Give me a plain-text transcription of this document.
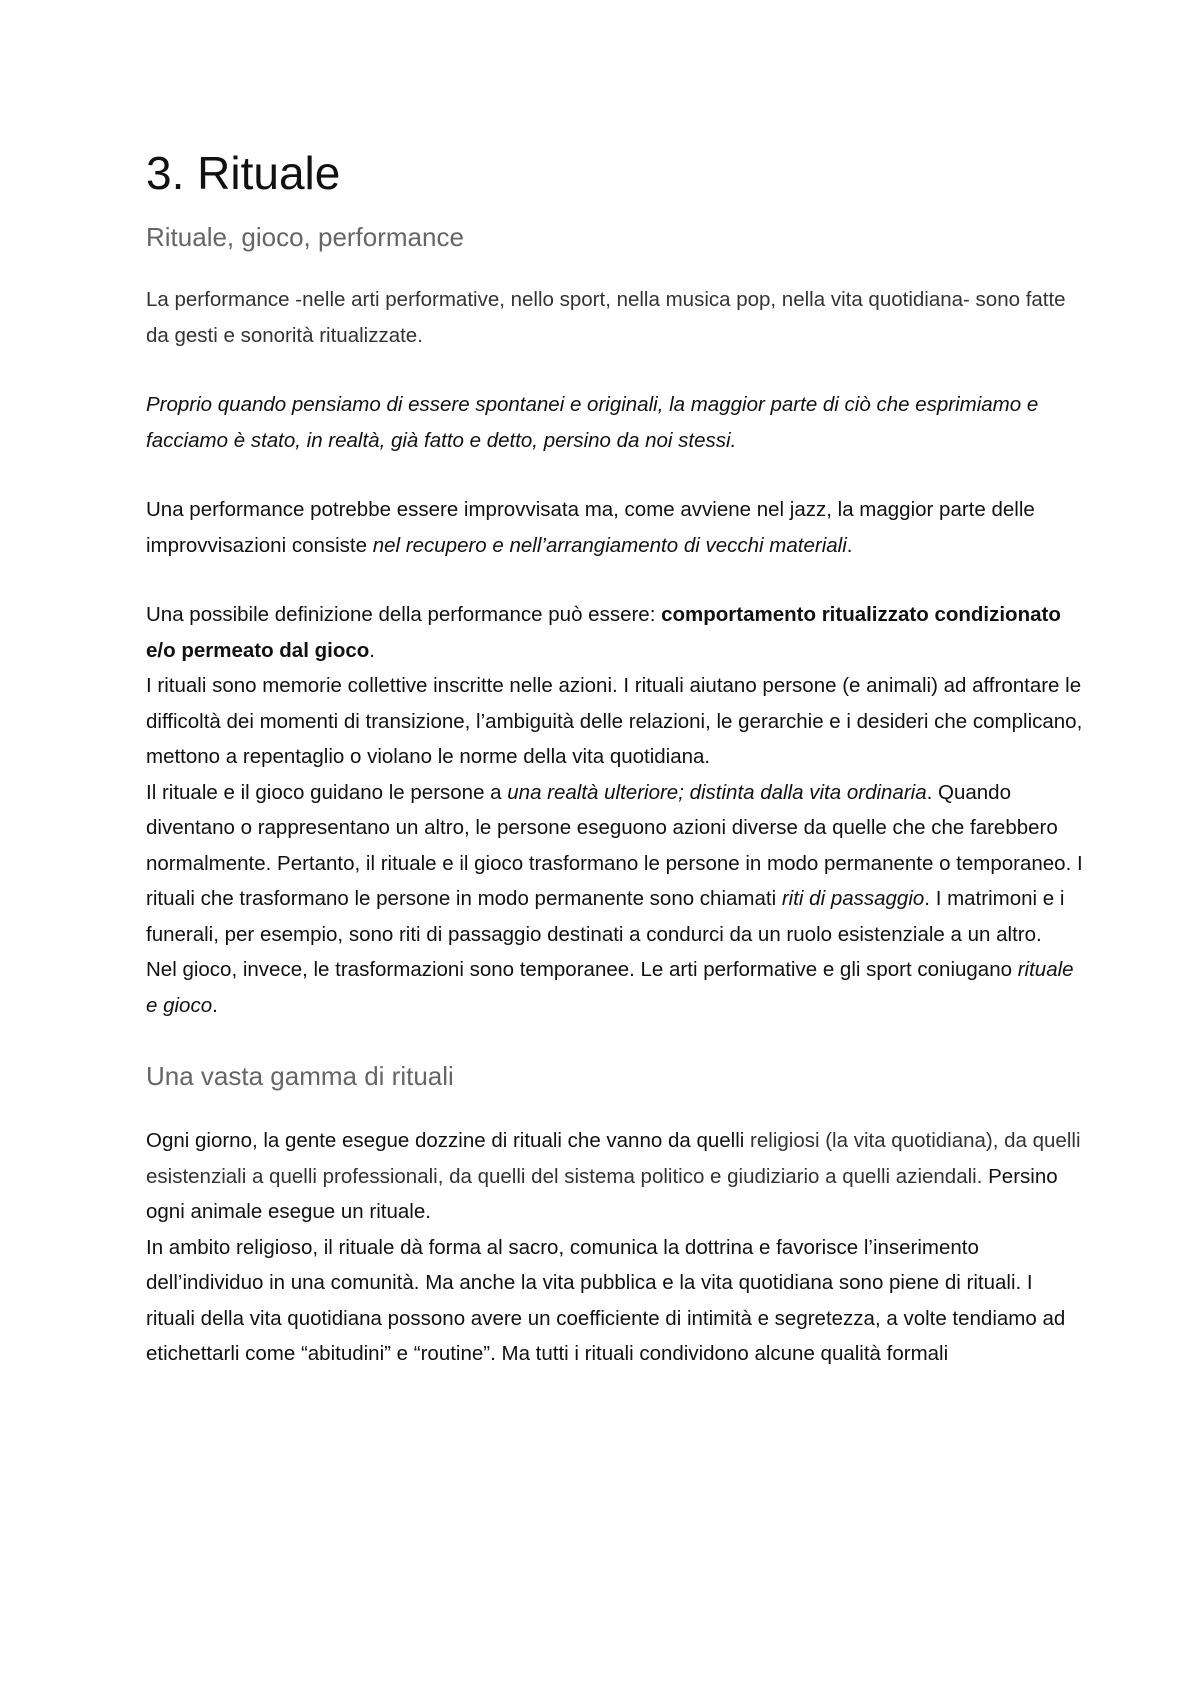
3. Rituale
Rituale, gioco, performance

La performance -nelle arti performative, nello sport, nella musica pop, nella vita quotidiana- sono fatte da gesti e sonorità ritualizzate.

Proprio quando pensiamo di essere spontanei e originali, la maggior parte di ciò che esprimiamo e facciamo è stato, in realtà, già fatto e detto, persino da noi stessi.

Una performance potrebbe essere improvvisata ma, come avviene nel jazz, la maggior parte delle improvvisazioni consiste nel recupero e nell’arrangiamento di vecchi materiali.

Una possibile definizione della performance può essere: comportamento ritualizzato condizionato e/o permeato dal gioco.

I rituali sono memorie collettive inscritte nelle azioni. I rituali aiutano persone (e animali) ad affrontare le difficoltà dei momenti di transizione, l’ambiguità delle relazioni, le gerarchie e i desideri che complicano, mettono a repentaglio o violano le norme della vita quotidiana.

Il rituale e il gioco guidano le persone a una realtà ulteriore; distinta dalla vita ordinaria. Quando diventano o rappresentano un altro, le persone eseguono azioni diverse da quelle che che farebbero normalmente. Pertanto, il rituale e il gioco trasformano le persone in modo permanente o temporaneo. I rituali che trasformano le persone in modo permanente sono chiamati riti di passaggio. I matrimoni e i funerali, per esempio, sono riti di passaggio destinati a condurci da un ruolo esistenziale a un altro.

Nel gioco, invece, le trasformazioni sono temporanee. Le arti performative e gli sport coniugano rituale e gioco.

Una vasta gamma di rituali

Ogni giorno, la gente esegue dozzine di rituali che vanno da quelli religiosi (la vita quotidiana), da quelli esistenziali a quelli professionali, da quelli del sistema politico e giudiziario a quelli aziendali. Persino ogni animale esegue un rituale.

In ambito religioso, il rituale dà forma al sacro, comunica la dottrina e favorisce l’inserimento dell’individuo in una comunità. Ma anche la vita pubblica e la vita quotidiana sono piene di rituali. I rituali della vita quotidiana possono avere un coefficiente di intimità e segretezza, a volte tendiamo ad etichettarli come “abitudini” e “routine”. Ma tutti i rituali condividono alcune qualità formali
